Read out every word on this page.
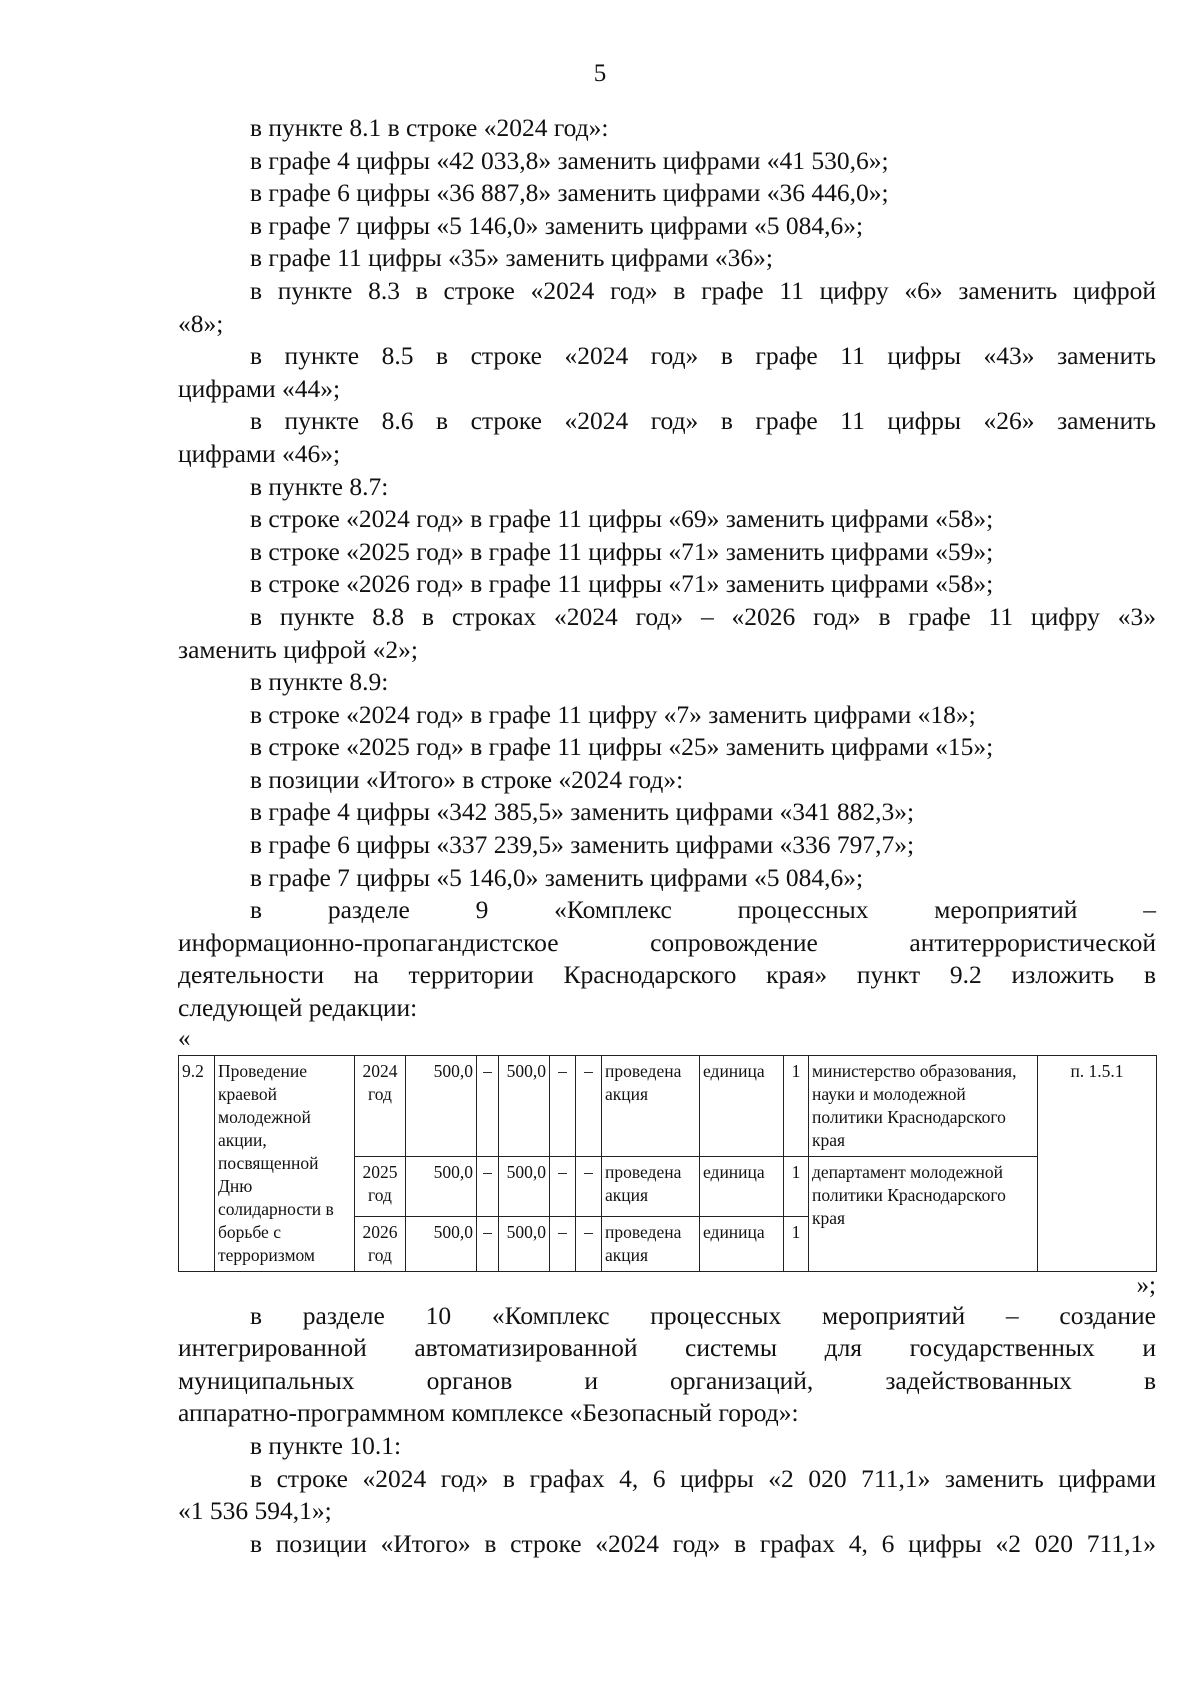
5
в пункте 8.1 в строке «2024 год»:
в графе 4 цифры «42 033,8» заменить цифрами «41 530,6»;
в графе 6 цифры «36 887,8» заменить цифрами «36 446,0»;
в графе 7 цифры «5 146,0» заменить цифрами «5 084,6»;
в графе 11 цифры «35» заменить цифрами «36»;
в пункте 8.3 в строке «2024 год» в графе 11 цифру «6» заменить цифрой
«8»;
в пункте 8.5 в строке «2024 год» в графе 11 цифры «43» заменить
цифрами «44»;
в пункте 8.6 в строке «2024 год» в графе 11 цифры «26» заменить
цифрами «46»;
в пункте 8.7:
в строке «2024 год» в графе 11 цифры «69» заменить цифрами «58»;
в строке «2025 год» в графе 11 цифры «71» заменить цифрами «59»;
в строке «2026 год» в графе 11 цифры «71» заменить цифрами «58»;
в пункте 8.8 в строках «2024 год» – «2026 год» в графе 11 цифру «3»
заменить цифрой «2»;
в пункте 8.9:
в строке «2024 год» в графе 11 цифру «7» заменить цифрами «18»;
в строке «2025 год» в графе 11 цифры «25» заменить цифрами «15»;
в позиции «Итого» в строке «2024 год»:
в графе 4 цифры «342 385,5» заменить цифрами «341 882,3»;
в графе 6 цифры «337 239,5» заменить цифрами «336 797,7»;
в графе 7 цифры «5 146,0» заменить цифрами «5 084,6»;
в разделе 9 «Комплекс процессных мероприятий –
информационно-пропагандистское сопровождение антитеррористической
деятельности на территории Краснодарского края» пункт 9.2 изложить в
следующей редакции:
«
9.2	Проведение краевой молодежной акции, посвященной Дню солидарности в борьбе с терроризмом	2024 год	500,0	–	500,0	–	–	проведена акция	единица	1	министерство образования, науки и молодежной политики Краснодарского края	п. 1.5.1
		2025 год	500,0	–	500,0	–	–	проведена акция	единица	1	департамент молодежной политики Краснодарского края	
		2026 год	500,0	–	500,0	–	–	проведена акция	единица	1		
»;
в разделе 10 «Комплекс процессных мероприятий – создание
интегрированной автоматизированной системы для государственных и
муниципальных органов и организаций, задействованных в
аппаратно-программном комплексе «Безопасный город»:
в пункте 10.1:
в строке «2024 год» в графах 4, 6 цифры «2 020 711,1» заменить цифрами
«1 536 594,1»;
в позиции «Итого» в строке «2024 год» в графах 4, 6 цифры «2 020 711,1»
